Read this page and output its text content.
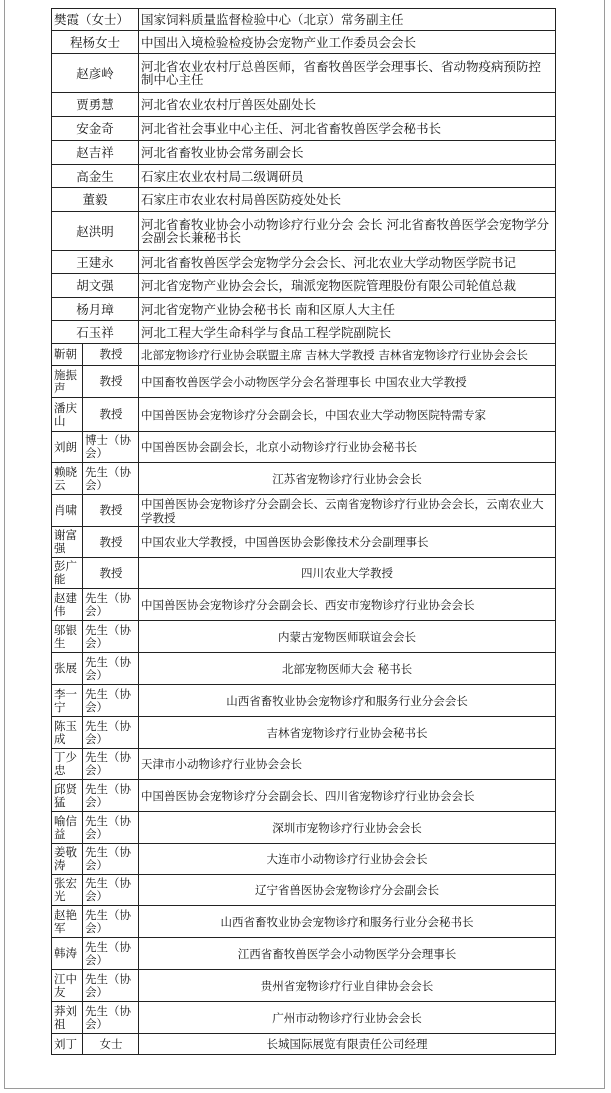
樊霞（女士）		国家饲料质量监督检验中心（北京）常务副主任
程杨女士		中国出入境检验检疫协会宠物产业工作委员会会长
赵彦岭		河北省农业农村厅总兽医师，省畜牧兽医学会理事长、省动物疫病预防控制中心主任
贾勇慧		河北省农业农村厅兽医处副处长
安金奇		河北省社会事业中心主任、河北省畜牧兽医学会秘书长
赵吉祥		河北省畜牧业协会常务副会长
高金生		石家庄农业农村局二级调研员
董毅		石家庄市农业农村局兽医防疫处处长
赵洪明		河北省畜牧业协会小动物诊疗行业分会 会长 河北省畜牧兽医学会宠物学分会副会长兼秘书长
王建永		河北省畜牧兽医学会宠物学分会会长、河北农业大学动物医学院书记
胡文强		河北省宠物产业协会会长，瑞派宠物医院管理股份有限公司轮值总裁
杨月璋		河北省宠物产业协会秘书长 南和区原人大主任
石玉祥		河北工程大学生命科学与食品工程学院副院长
靳朝	教授	北部宠物诊疗行业协会联盟主席 吉林大学教授 吉林省宠物诊疗行业协会会长
施振声	教授	中国畜牧兽医学会小动物医学分会名誉理事长 中国农业大学教授
潘庆山	教授	中国兽医协会宠物诊疗分会副会长，中国农业大学动物医院特需专家
刘朗	博士（协会）	中国兽医协会副会长，北京小动物诊疗行业协会秘书长
赖晓云	先生（协会）	江苏省宠物诊疗行业协会会长
肖啸	教授	中国兽医协会宠物诊疗分会副会长、云南省宠物诊疗行业协会会长，云南农业大学教授
谢富强	教授	中国农业大学教授，中国兽医协会影像技术分会副理事长
彭广能	教授	四川农业大学教授
赵建伟	先生（协会）	中国兽医协会宠物诊疗分会副会长、西安市宠物诊疗行业协会会长
邬银生	先生（协会）	内蒙古宠物医师联谊会会长
张展	先生（协会）	北部宠物医师大会 秘书长
李一宁	先生（协会）	山西省畜牧业协会宠物诊疗和服务行业分会会长
陈玉成	先生（协会）	吉林省宠物诊疗行业协会秘书长
丁少忠	先生（协会）	天津市小动物诊疗行业协会会长
邱贤猛	先生（协会）	中国兽医协会宠物诊疗分会副会长、四川省宠物诊疗行业协会会长
喻信益	先生（协会）	深圳市宠物诊疗行业协会会长
姜敬涛	先生（协会）	大连市小动物诊疗行业协会会长
张宏光	先生（协会）	辽宁省兽医协会宠物诊疗分会副会长
赵艳军	先生（协会）	山西省畜牧业协会宠物诊疗和服务行业分会秘书长
韩涛	先生（协会）	江西省畜牧兽医学会小动物医学分会理事长
江中友	先生（协会）	贵州省宠物诊疗行业自律协会会长
莽刘祖	先生（协会）	广州市动物诊疗行业协会会长
刘丁	女士	长城国际展览有限责任公司经理
